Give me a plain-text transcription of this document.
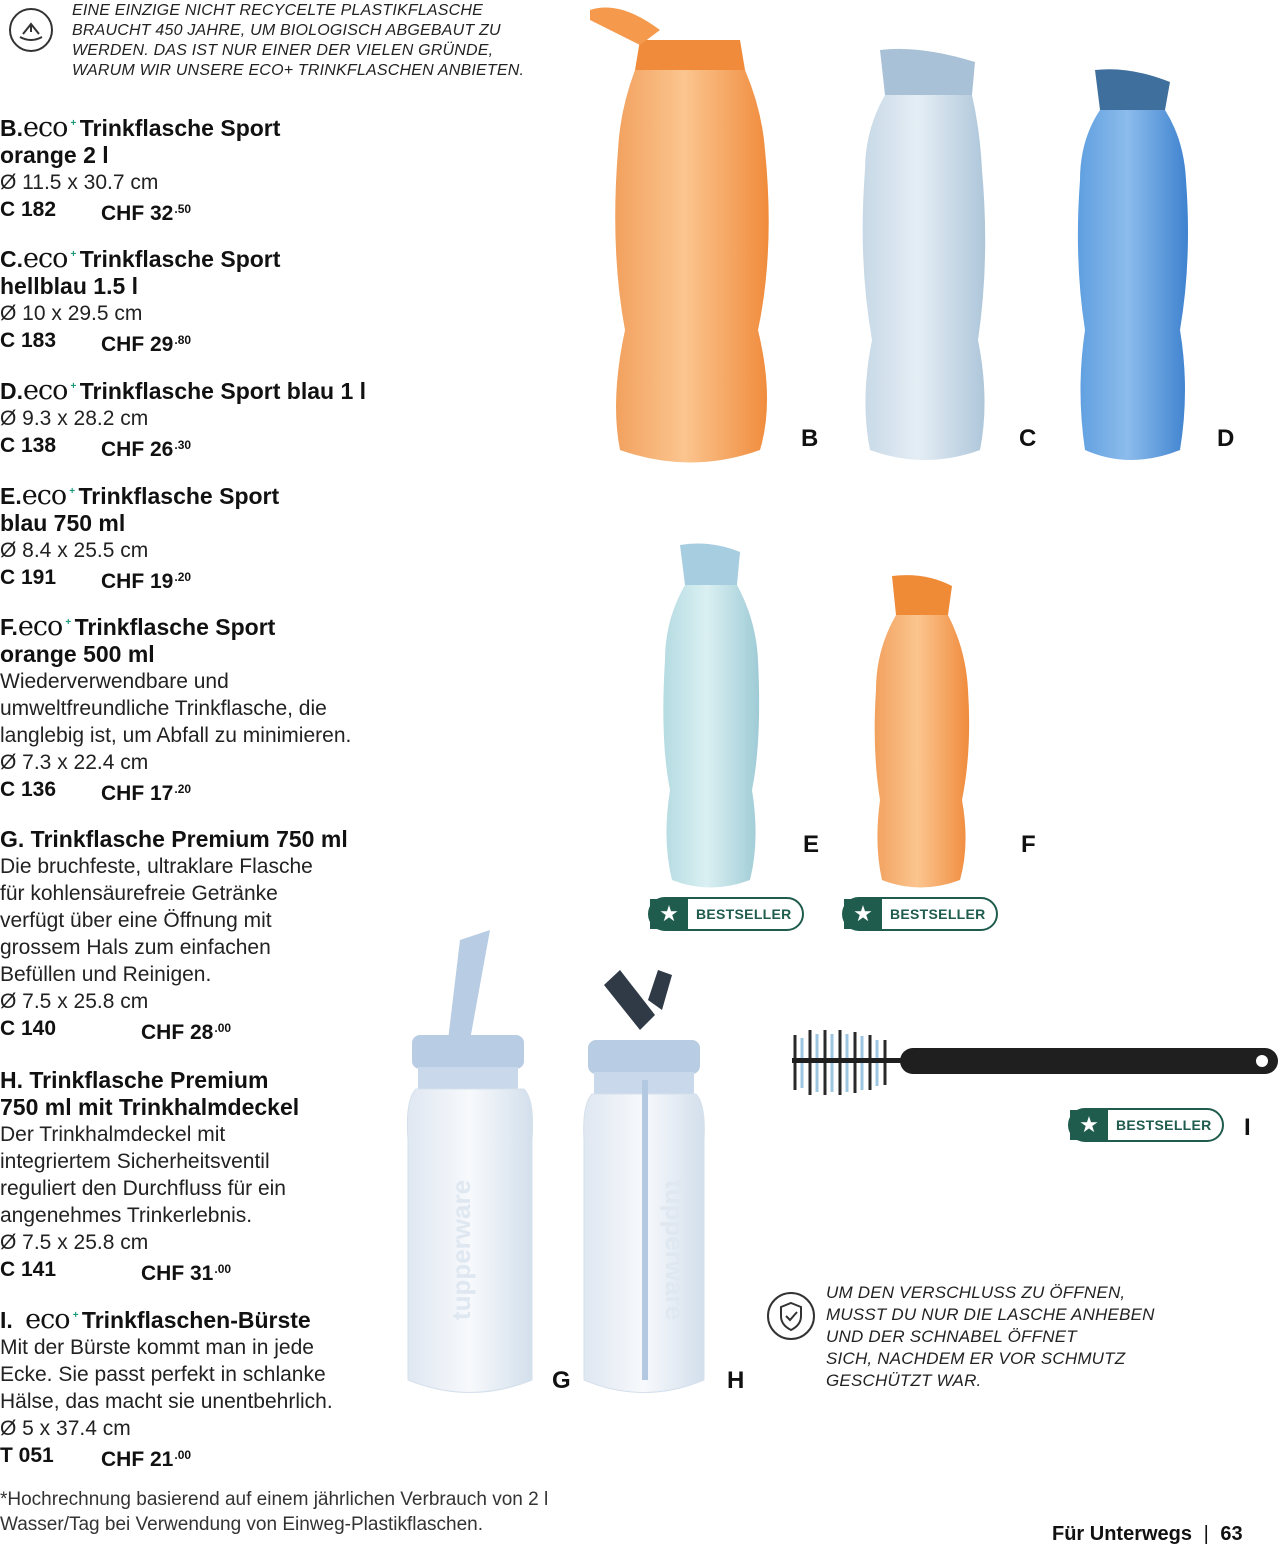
EINE EINZIGE NICHT RECYCELTE PLASTIKFLASCHE
BRAUCHT 450 JAHRE, UM BIOLOGISCH ABGEBAUT ZU
WERDEN. DAS IST NUR EINER DER VIELEN GRÜNDE,
WARUM WIR UNSERE ECO+ TRINKFLASCHEN ANBIETEN.
B.eco + Trinkflasche Sport
orange 2 l
Ø 11.5 x 30.7 cm
C 182 CHF $32^{.50}$
C.eco + Trinkflasche Sport
hellblau 1.5 l
Ø 10 x 29.5 cm
C 183 CHF $29^{.80}$
D.eco + Trinkflasche Sport blau 1 l
Ø 9.3 x 28.2 cm
C 138 CHF $26^{.30}$
E.eco + Trinkflasche Sport
blau 750 ml
Ø 8.4 x 25.5 cm
C 191 CHF $19^{.20}$
F.eco + Trinkflasche Sport
orange 500 ml
Wiederverwendbare und
umweltfreundliche Trinkflasche, die
langlebig ist, um Abfall zu minimieren.
Ø 7.3 x 22.4 cm
C 136 CHF $17^{.20}$
G. Trinkflasche Premium 750 ml
Die bruchfeste, ultraklare Flasche
für kohlensäurefreie Getränke
verfügt über eine Öffnung mit
grossem Hals zum einfachen
Befüllen und Reinigen.
Ø 7.5 x 25.8 cm
C 140	CHF $28^{.00}$
H. Trinkflasche Premium
750 ml mit Trinkhalmdeckel
Der Trinkhalmdeckel mit
integriertem Sicherheitsventil
reguliert den Durchfluss für ein
angenehmes Trinkerlebnis.
Ø 7.5 x 25.8 cm
C 141	CHF $31^{.00}$
I. eco + Trinkflaschen-Bürste
Mit der Bürste kommt man in jede
Ecke. Sie passt perfekt in schlanke
Hälse, das macht sie unentbehrlich.
Ø 5 x 37.4 cm
T 051 CHF $21^{.00}$
tupperware	tupperware
B	C	D
E	F
G	H
I
★	BESTSELLER	★	BESTSELLER
★	BESTSELLER
UM DEN VERSCHLUSS ZU ÖFFNEN,
MUSST DU NUR DIE LASCHE ANHEBEN
UND DER SCHNABEL ÖFFNET
SICH, NACHDEM ER VOR SCHMUTZ
GESCHÜTZT WAR.
*Hochrechnung basierend auf einem jährlichen Verbrauch von 2 l
Wasser/Tag bei Verwendung von Einweg-Plastikflaschen.	Für Unterwegs | 63
